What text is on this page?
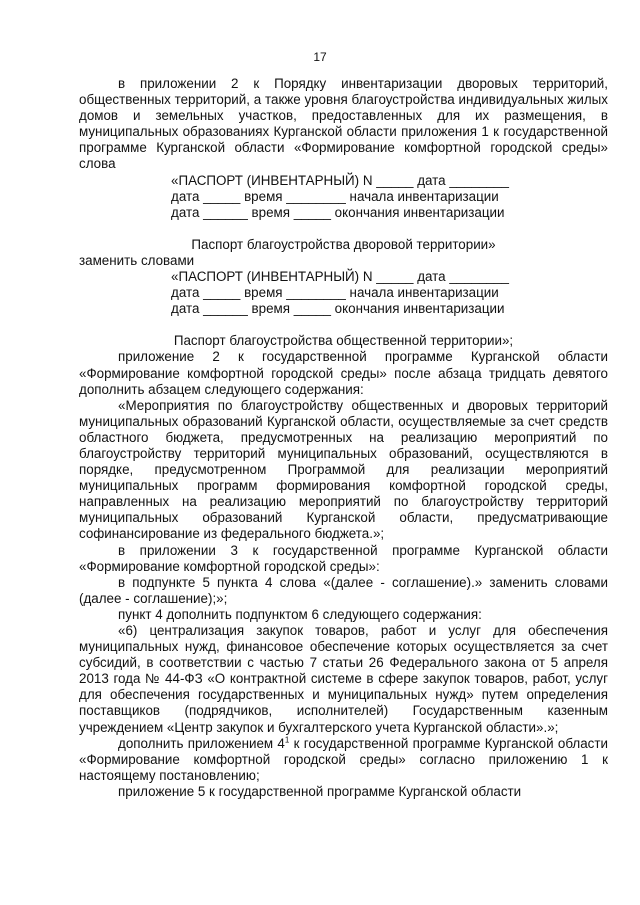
17

в приложении 2 к Порядку инвентаризации дворовых территорий, общественных территорий, а также уровня благоустройства индивидуальных жилых домов и земельных участков, предоставленных для их размещения, в муниципальных образованиях Курганской области приложения 1 к государственной программе Курганской области «Формирование комфортной городской среды» слова

«ПАСПОРТ (ИНВЕНТАРНЫЙ) N _____ дата ________

дата _____ время ________ начала инвентаризации

дата ______ время _____ окончания инвентаризации

Паспорт благоустройства дворовой территории»

заменить словами

«ПАСПОРТ (ИНВЕНТАРНЫЙ) N _____ дата ________

дата _____ время ________ начала инвентаризации

дата ______ время _____ окончания инвентаризации

Паспорт благоустройства общественной территории»;

приложение 2 к государственной программе Курганской области «Формирование комфортной городской среды» после абзаца тридцать девятого дополнить абзацем следующего содержания:

«Мероприятия по благоустройству общественных и дворовых территорий муниципальных образований Курганской области, осуществляемые за счет средств областного бюджета, предусмотренных на реализацию мероприятий по благоустройству территорий муниципальных образований, осуществляются в порядке, предусмотренном Программой для реализации мероприятий муниципальных программ формирования комфортной городской среды, направленных на реализацию мероприятий по благоустройству территорий муниципальных образований Курганской области, предусматривающие софинансирование из федерального бюджета.»;

в приложении 3 к государственной программе Курганской области «Формирование комфортной городской среды»:

в подпункте 5 пункта 4 слова «(далее - соглашение).» заменить словами (далее - соглашение);»;

пункт 4 дополнить подпунктом 6 следующего содержания:

«6) централизация закупок товаров, работ и услуг для обеспечения муниципальных нужд, финансовое обеспечение которых осуществляется за счет субсидий, в соответствии с частью 7 статьи 26 Федерального закона от 5 апреля 2013 года № 44-ФЗ «О контрактной системе в сфере закупок товаров, работ, услуг для обеспечения государственных и муниципальных нужд» путем определения поставщиков (подрядчиков, исполнителей) Государственным казенным учреждением «Центр закупок и бухгалтерского учета Курганской области».»;

дополнить приложением $4^1$ к государственной программе Курганской области «Формирование комфортной городской среды» согласно приложению 1 к настоящему постановлению;

приложение 5 к государственной программе Курганской области
